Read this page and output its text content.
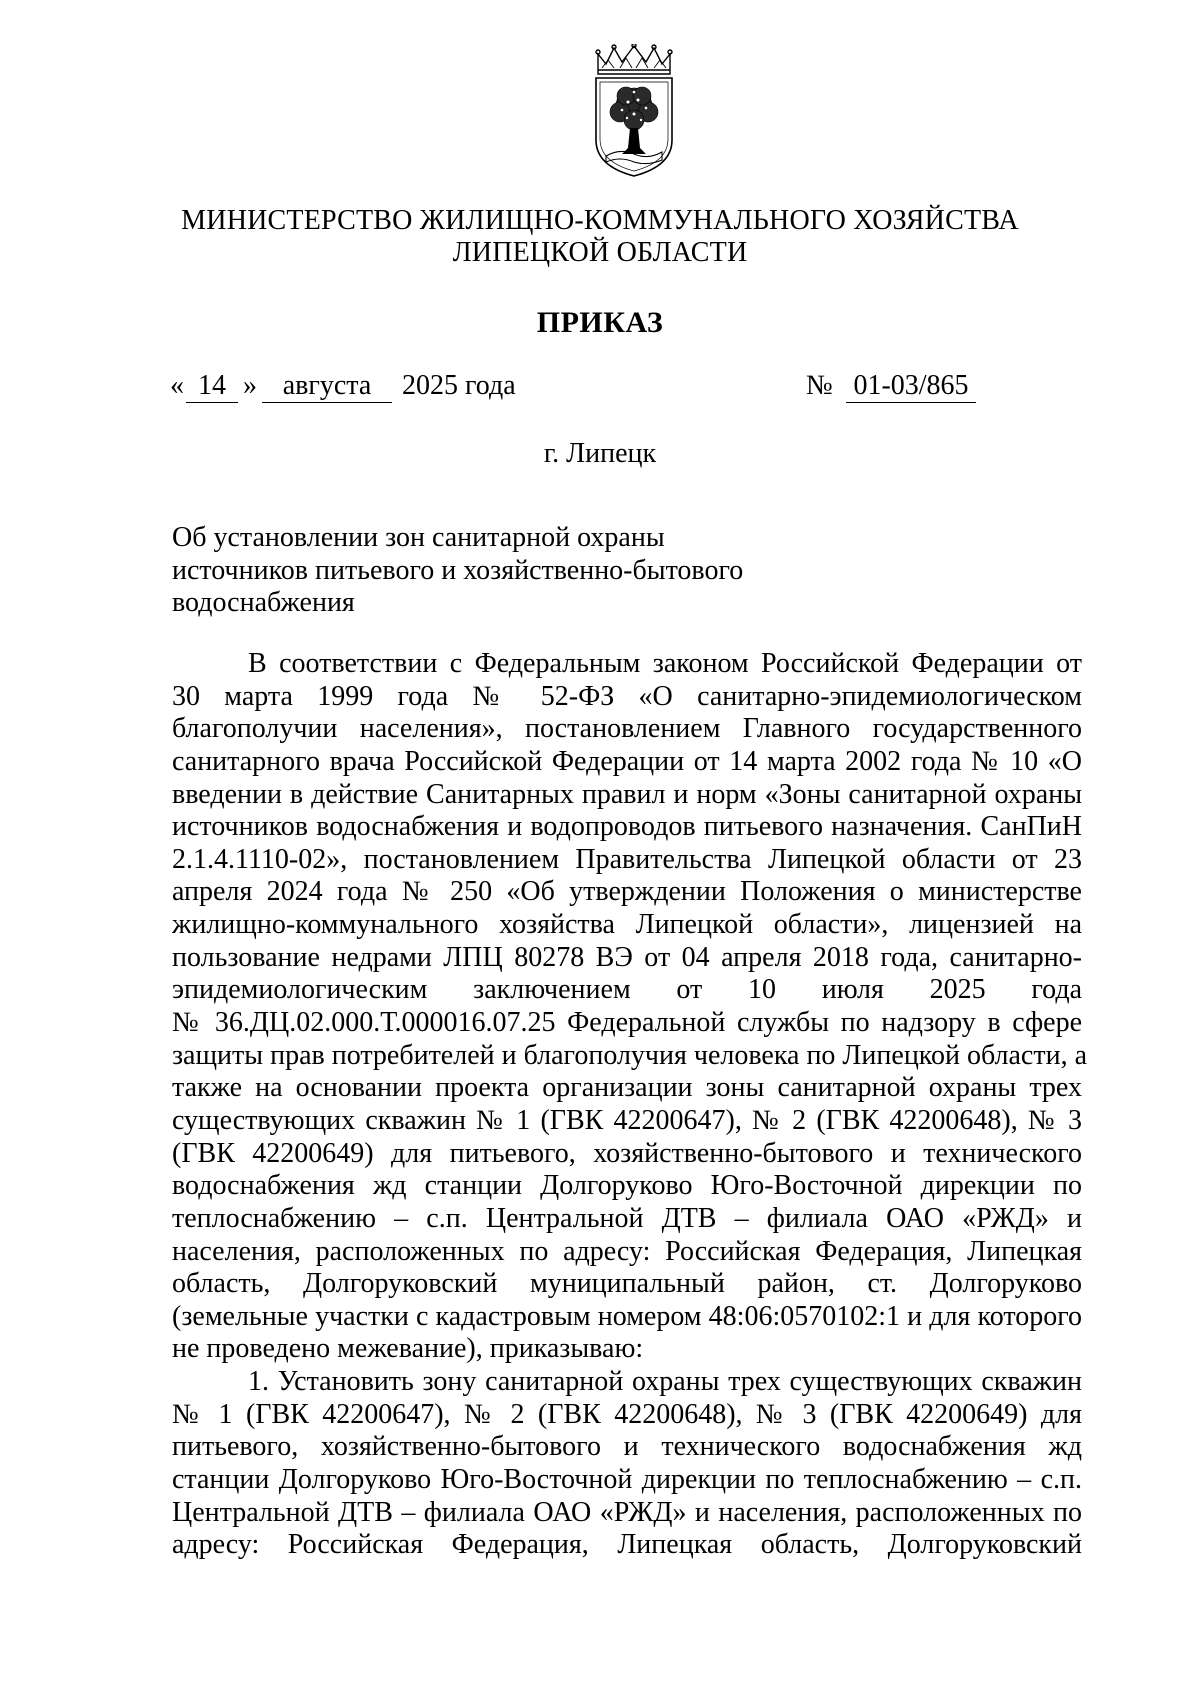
МИНИСТЕРСТВО ЖИЛИЩНО-КОММУНАЛЬНОГО ХОЗЯЙСТВА
ЛИПЕЦКОЙ ОБЛАСТИ
ПРИКАЗ
« 14 » августа	2025 года	№ 01-03/865
г. Липецк
Об установлении зон санитарной охраны
источников питьевого и хозяйственно-бытового
водоснабжения
В соответствии с Федеральным законом Российской Федерации от
30 марта 1999 года № 52-ФЗ «О санитарно-эпидемиологическом
благополучии населения», постановлением Главного государственного
санитарного врача Российской Федерации от 14 марта 2002 года № 10 «О
введении в действие Санитарных правил и норм «Зоны санитарной охраны
источников водоснабжения и водопроводов питьевого назначения. СанПиН
2.1.4.1110-02», постановлением Правительства Липецкой области от 23
апреля 2024 года № 250 «Об утверждении Положения о министерстве
жилищно-коммунального хозяйства Липецкой области», лицензией на
пользование недрами ЛПЦ 80278 ВЭ от 04 апреля 2018 года, санитарно-
эпидемиологическим заключением от 10 июля 2025 года
№ 36.ДЦ.02.000.Т.000016.07.25 Федеральной службы по надзору в сфере
защиты прав потребителей и благополучия человека по Липецкой области, а
также на основании проекта организации зоны санитарной охраны трех
существующих скважин № 1 (ГВК 42200647), № 2 (ГВК 42200648), № 3
(ГВК 42200649) для питьевого, хозяйственно-бытового и технического
водоснабжения жд станции Долгоруково Юго-Восточной дирекции по
теплоснабжению – с.п. Центральной ДТВ – филиала ОАО «РЖД» и
населения, расположенных по адресу: Российская Федерация, Липецкая
область, Долгоруковский муниципальный район, ст. Долгоруково
(земельные участки с кадастровым номером 48:06:0570102:1 и для которого
не проведено межевание), приказываю:
1. Установить зону санитарной охраны трех существующих скважин
№ 1 (ГВК 42200647), № 2 (ГВК 42200648), № 3 (ГВК 42200649) для
питьевого, хозяйственно-бытового и технического водоснабжения жд
станции Долгоруково Юго-Восточной дирекции по теплоснабжению – с.п.
Центральной ДТВ – филиала ОАО «РЖД» и населения, расположенных по
адресу: Российская Федерация, Липецкая область, Долгоруковский
